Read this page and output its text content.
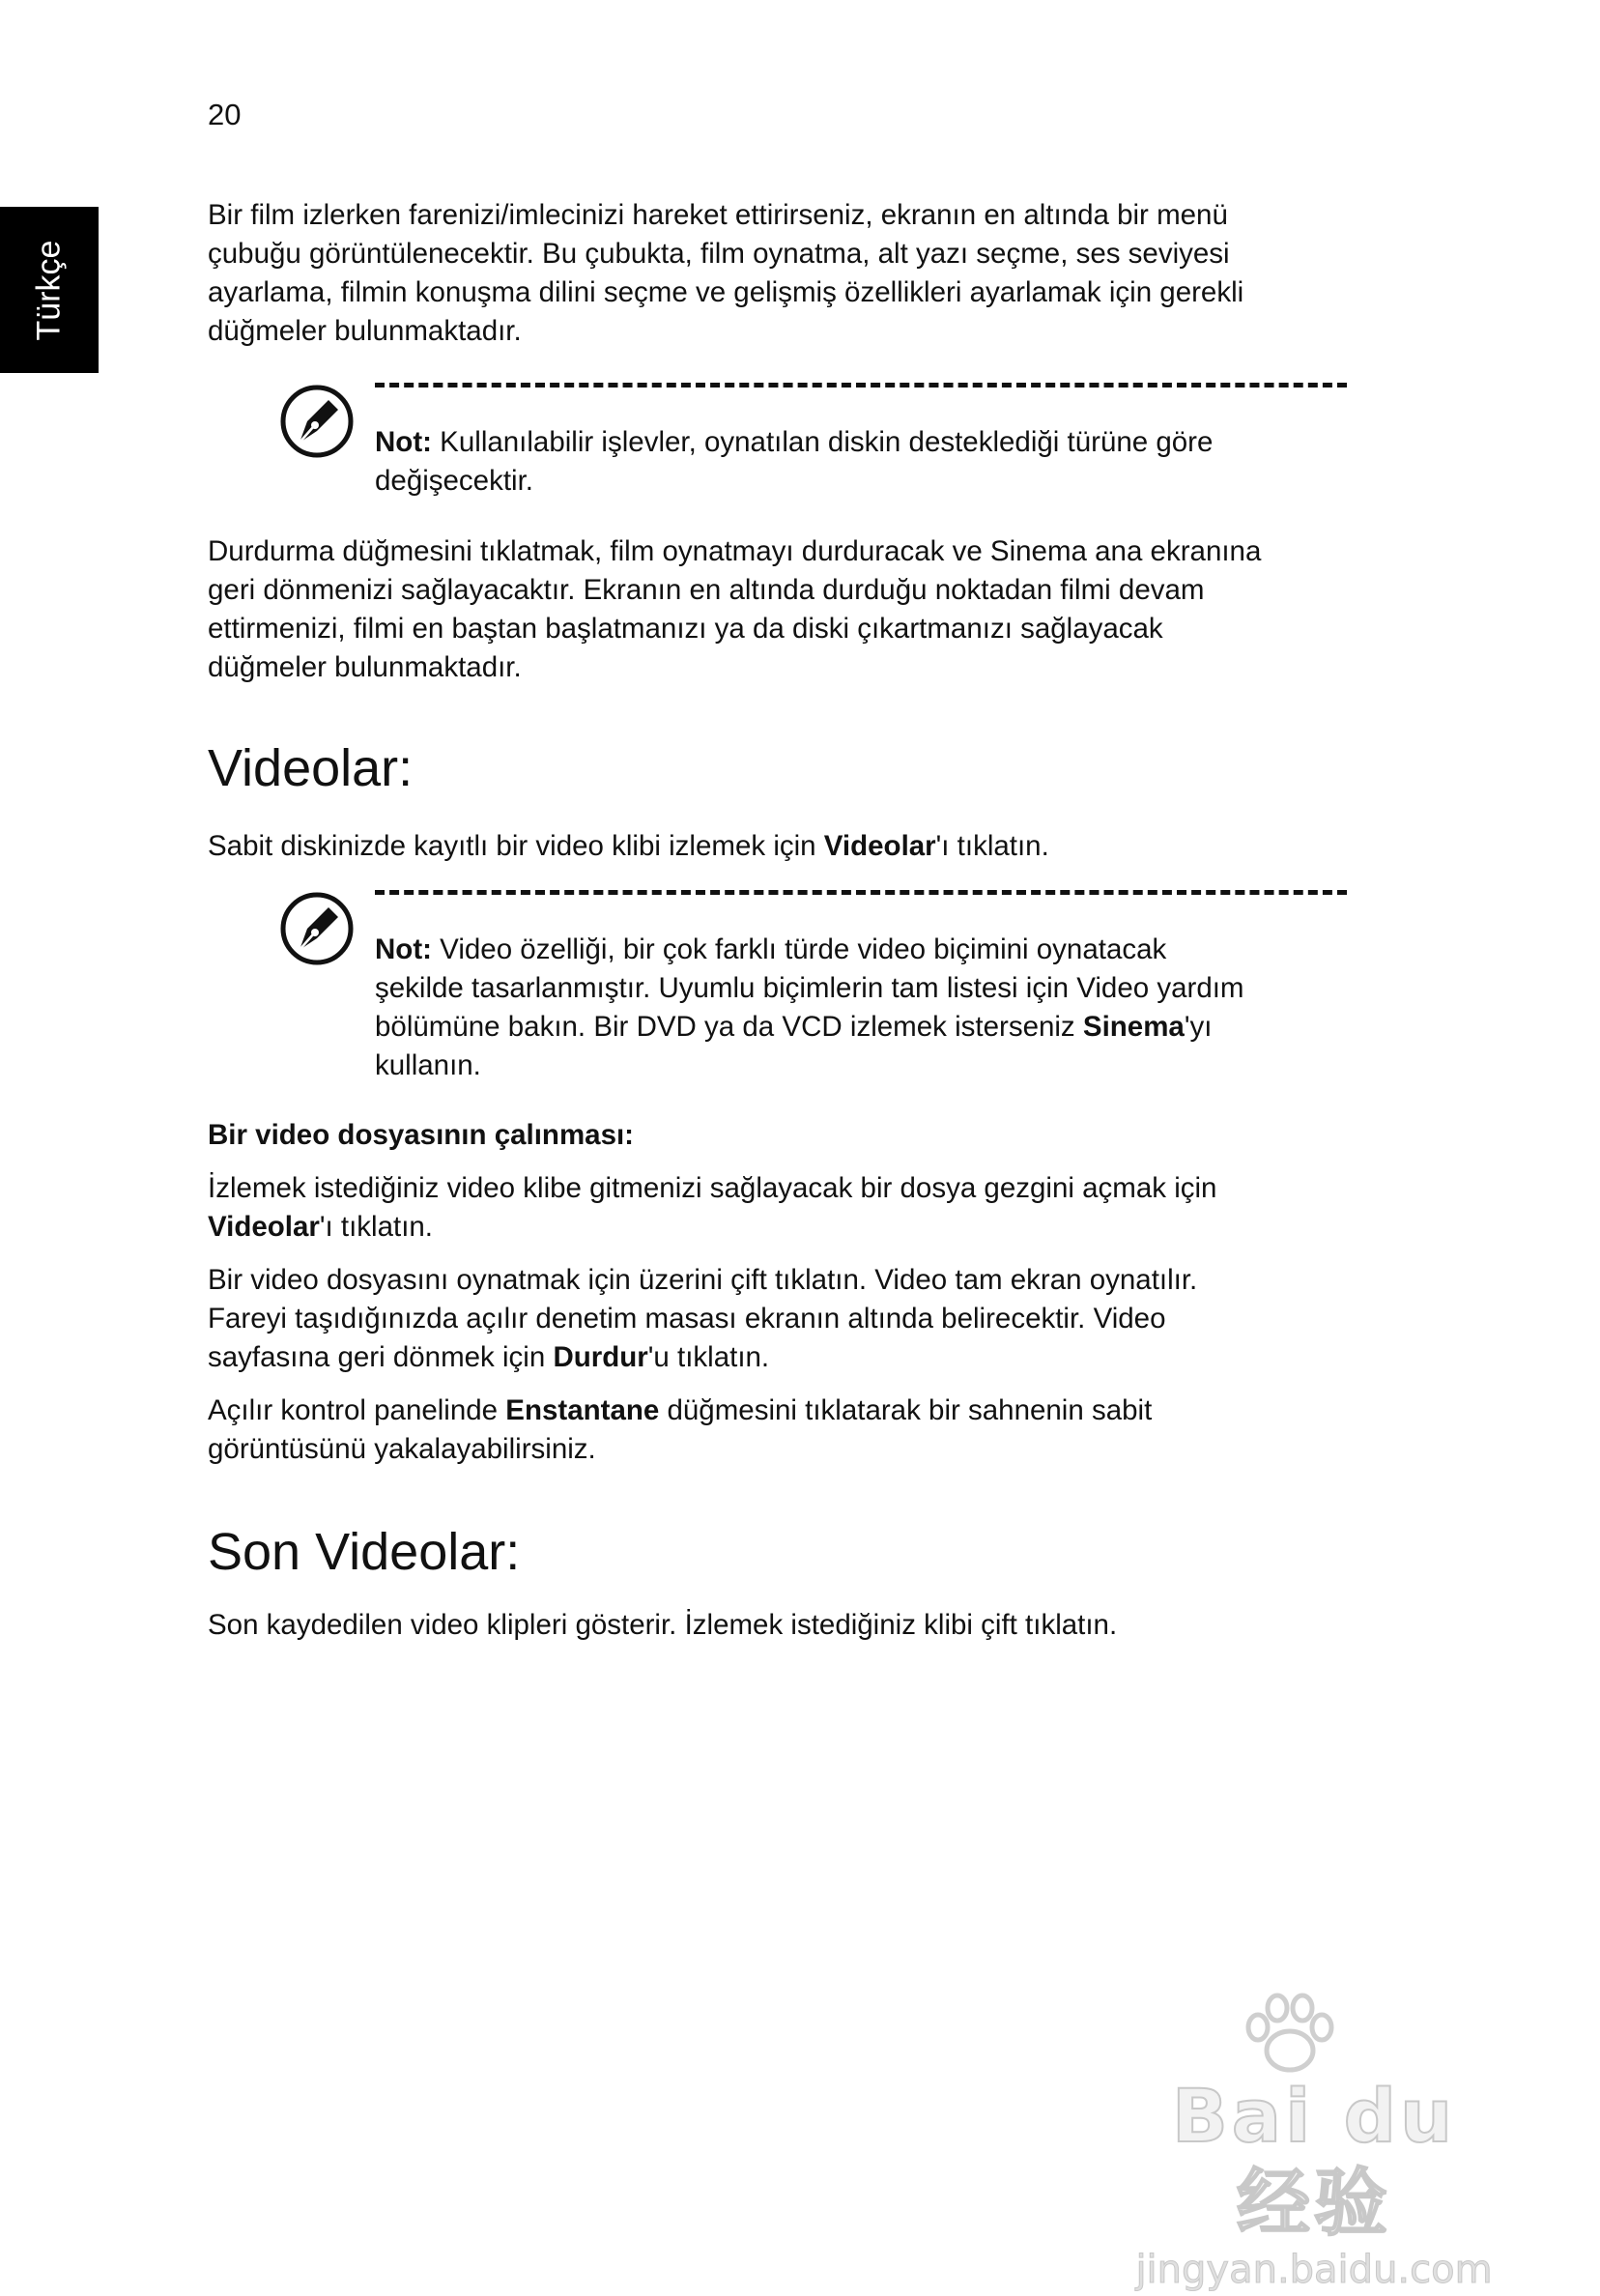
20
Türkçe

Bir film izlerken farenizi/imlecinizi hareket ettirirseniz, ekranın en altında bir menü
çubuğu görüntülenecektir. Bu çubukta, film oynatma, alt yazı seçme, ses seviyesi
ayarlama, filmin konuşma dilini seçme ve gelişmiş özellikleri ayarlamak için gerekli
düğmeler bulunmaktadır.

Not: Kullanılabilir işlevler, oynatılan diskin desteklediği türüne göre
değişecektir.

Durdurma düğmesini tıklatmak, film oynatmayı durduracak ve Sinema ana ekranına
geri dönmenizi sağlayacaktır. Ekranın en altında durduğu noktadan filmi devam
ettirmenizi, filmi en baştan başlatmanızı ya da diski çıkartmanızı sağlayacak
düğmeler bulunmaktadır.

Videolar:

Sabit diskinizde kayıtlı bir video klibi izlemek için Videolar'ı tıklatın.

Not: Video özelliği, bir çok farklı türde video biçimini oynatacak
şekilde tasarlanmıştır. Uyumlu biçimlerin tam listesi için Video yardım
bölümüne bakın. Bir DVD ya da VCD izlemek isterseniz Sinema'yı
kullanın.

Bir video dosyasının çalınması:

İzlemek istediğiniz video klibe gitmenizi sağlayacak bir dosya gezgini açmak için
Videolar'ı tıklatın.

Bir video dosyasını oynatmak için üzerini çift tıklatın. Video tam ekran oynatılır.
Fareyi taşıdığınızda açılır denetim masası ekranın altında belirecektir. Video
sayfasına geri dönmek için Durdur'u tıklatın.

Açılır kontrol panelinde Enstantane düğmesini tıklatarak bir sahnenin sabit
görüntüsünü yakalayabilirsiniz.

Son Videolar:

Son kaydedilen video klipleri gösterir. İzlemek istediğiniz klibi çift tıklatın.

Bai du 经验
jingyan.baidu.com
